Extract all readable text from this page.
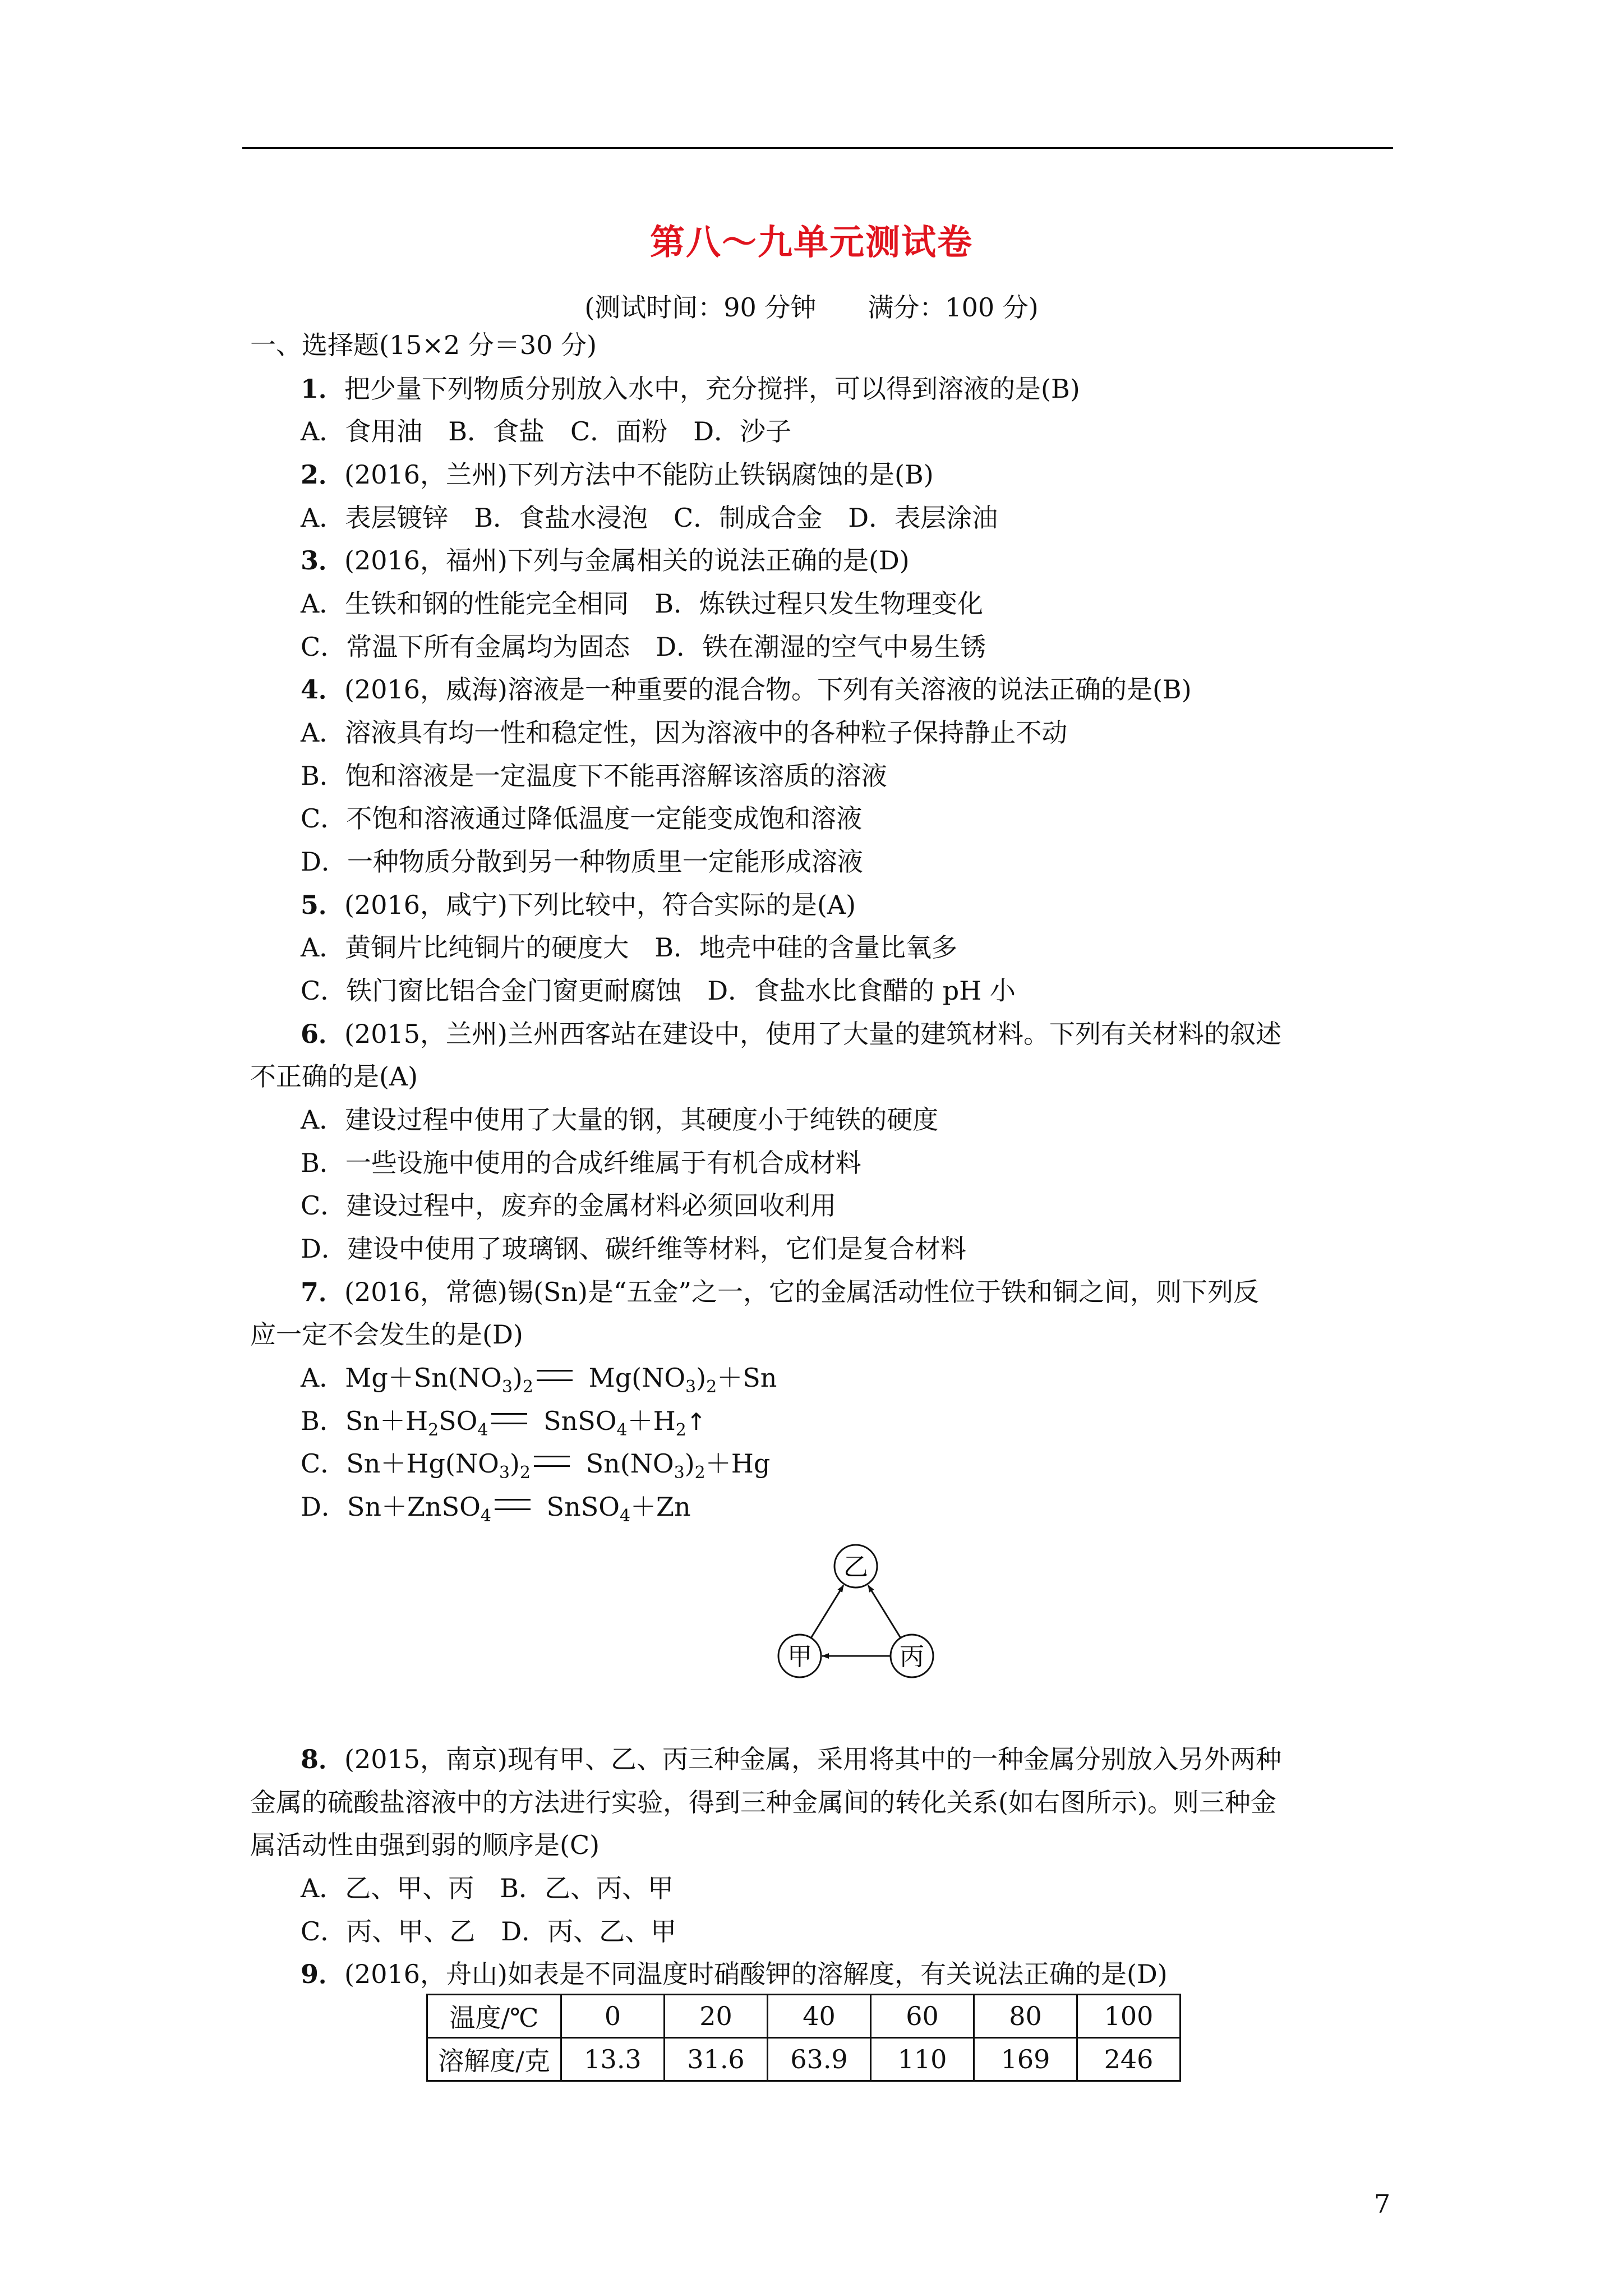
第八～九单元测试卷
(测试时间：90 分钟　　满分：100 分)
一、选择题(15×2 分＝30 分)
1．把少量下列物质分别放入水中，充分搅拌，可以得到溶液的是(B)
A．食用油　B．食盐　C．面粉　D．沙子
2．(2016，兰州)下列方法中不能防止铁锅腐蚀的是(B)
A．表层镀锌　B．食盐水浸泡　C．制成合金　D．表层涂油
3．(2016，福州)下列与金属相关的说法正确的是(D)
A．生铁和钢的性能完全相同　B．炼铁过程只发生物理变化
C．常温下所有金属均为固态　D．铁在潮湿的空气中易生锈
4．(2016，威海)溶液是一种重要的混合物。下列有关溶液的说法正确的是(B)
A．溶液具有均一性和稳定性，因为溶液中的各种粒子保持静止不动
B．饱和溶液是一定温度下不能再溶解该溶质的溶液
C．不饱和溶液通过降低温度一定能变成饱和溶液
D．一种物质分散到另一种物质里一定能形成溶液
5．(2016，咸宁)下列比较中，符合实际的是(A)
A．黄铜片比纯铜片的硬度大　B．地壳中硅的含量比氧多
C．铁门窗比铝合金门窗更耐腐蚀　D．食盐水比食醋的 pH 小
6．(2015，兰州)兰州西客站在建设中，使用了大量的建筑材料。下列有关材料的叙述
不正确的是(A)
A．建设过程中使用了大量的钢，其硬度小于纯铁的硬度
B．一些设施中使用的合成纤维属于有机合成材料
C．建设过程中，废弃的金属材料必须回收利用
D．建设中使用了玻璃钢、碳纤维等材料，它们是复合材料
7．(2016，常德)锡(Sn)是“五金”之一，它的金属活动性位于铁和铜之间，则下列反
应一定不会发生的是(D)
A．$Mg+Sn(NO_3)_2$ $Mg(NO_3)_2+Sn$
B．$Sn+H_2SO_4$ $SnSO_4+H_2↑$
C．$Sn+Hg(NO_3)_2$ $Sn(NO_3)_2+Hg$
D．Sn＋ZnSO$_4$ SnSO$_4$＋Zn
乙
甲	丙
8．(2015，南京)现有甲、乙、丙三种金属，采用将其中的一种金属分别放入另外两种
金属的硫酸盐溶液中的方法进行实验，得到三种金属间的转化关系(如右图所示)。则三种金
属活动性由强到弱的顺序是(C)
A．乙、甲、丙　B．乙、丙、甲
C．丙、甲、乙　D．丙、乙、甲
9．(2016，舟山)如表是不同温度时硝酸钾的溶解度，有关说法正确的是(D)
温度/℃	0	20	40	60	80	100
溶解度/克	13.3	31.6	63.9	110	169	246
7
